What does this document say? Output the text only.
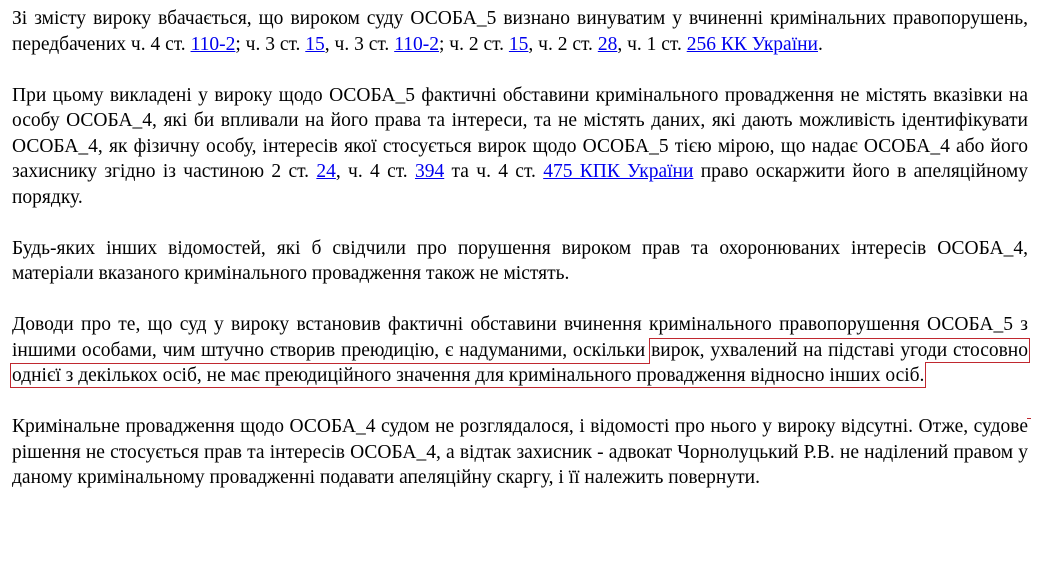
Зі змісту вироку вбачається, що вироком суду ОСОБА_5 визнано винуватим у вчиненні кримінальних правопорушень, передбачених ч. 4 ст. 110-2; ч. 3 ст. 15, ч. 3 ст. 110-2; ч. 2 ст. 15, ч. 2 ст. 28, ч. 1 ст. 256 КК України.

При цьому викладені у вироку щодо ОСОБА_5 фактичні обставини кримінального провадження не містять вказівки на особу ОСОБА_4, які би впливали на його права та інтереси, та не містять даних, які дають можливість ідентифікувати ОСОБА_4, як фізичну особу, інтересів якої стосується вирок щодо ОСОБА_5 тією мірою, що надає ОСОБА_4 або його захиснику згідно із частиною 2 ст. 24, ч. 4 ст. 394 та ч. 4 ст. 475 КПК України право оскаржити його в апеляційному порядку.

Будь-яких інших відомостей, які б свідчили про порушення вироком прав та охоронюваних інтересів ОСОБА_4, матеріали вказаного кримінального провадження також не містять.

Доводи про те, що суд у вироку встановив фактичні обставини вчинення кримінального правопорушення ОСОБА_5 з іншими особами, чим штучно створив преюдицію, є надуманими, оскільки вирок, ухвалений на підставі угоди стосовно однієї з декількох осіб, не має преюдиційного значення для кримінального провадження відносно інших осіб.

Кримінальне провадження щодо ОСОБА_4 судом не розглядалося, і відомості про нього у вироку відсутні. Отже, судове рішення не стосується прав та інтересів ОСОБА_4, а відтак захисник - адвокат Чорнолуцький Р.В. не наділений правом у даному кримінальному провадженні подавати апеляційну скаргу, і її належить повернути.
